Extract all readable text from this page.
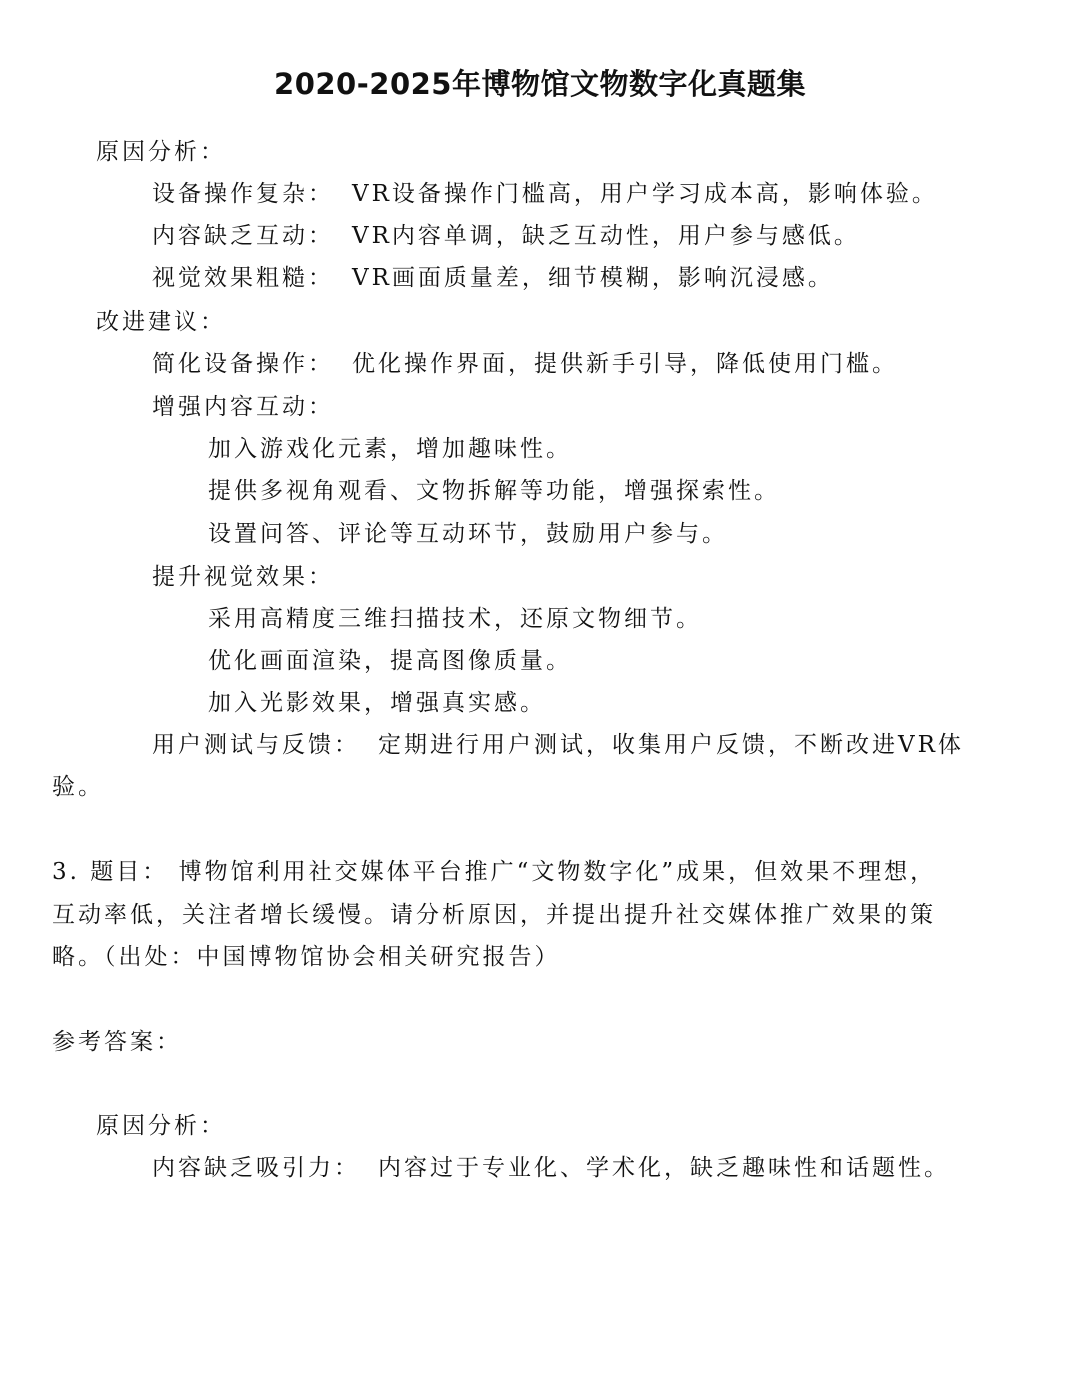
2020-2025年博物馆文物数字化真题集
原因分析：
设备操作复杂： VR设备操作门槛高，用户学习成本高，影响体验。
内容缺乏互动： VR内容单调，缺乏互动性，用户参与感低。
视觉效果粗糙： VR画面质量差，细节模糊，影响沉浸感。
改进建议：
简化设备操作： 优化操作界面，提供新手引导，降低使用门槛。
增强内容互动：
加入游戏化元素，增加趣味性。
提供多视角观看、文物拆解等功能，增强探索性。
设置问答、评论等互动环节，鼓励用户参与。
提升视觉效果：
采用高精度三维扫描技术，还原文物细节。
优化画面渲染，提高图像质量。
加入光影效果，增强真实感。
用户测试与反馈： 定期进行用户测试，收集用户反馈，不断改进VR体
验。
3. 题目： 博物馆利用社交媒体平台推广“文物数字化”成果，但效果不理想，
互动率低，关注者增长缓慢。请分析原因，并提出提升社交媒体推广效果的策
略。（出处：中国博物馆协会相关研究报告）
参考答案：
原因分析：
内容缺乏吸引力： 内容过于专业化、学术化，缺乏趣味性和话题性。
